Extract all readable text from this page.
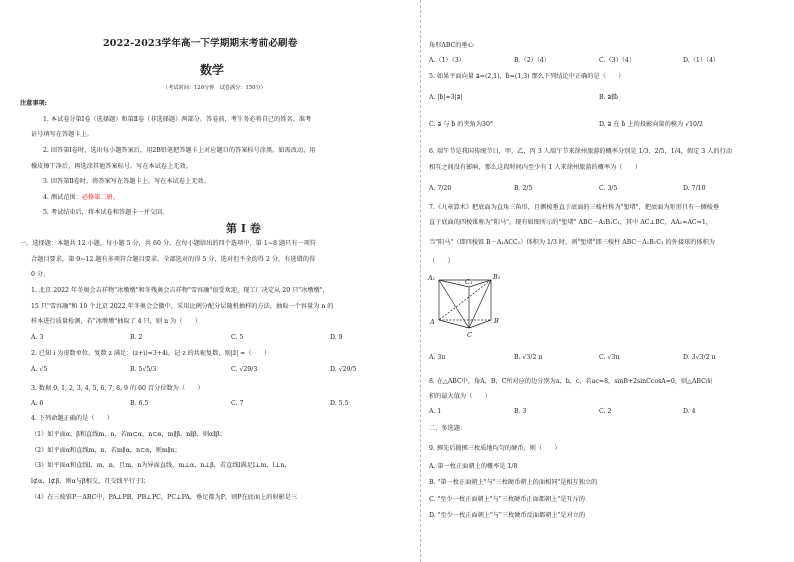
2022-2023学年高一下学期期末考前必刷卷
数学
（考试时间：120分钟　试卷满分：150分）
注意事项:
1. 本试卷分第Ⅰ卷（选择题）和第Ⅱ卷（非选择题）两部分。答卷前，考生务必将自己的姓名、准考
证号填写在答题卡上。
2. 回答第Ⅰ卷时，选出每小题答案后，用2B铅笔把答题卡上对应题目的答案标号涂黑。如需改动，用
橡皮擦干净后，再选涂其他答案标号。写在本试卷上无效。
3. 回答第Ⅱ卷时，将答案写在答题卡上。写在本试卷上无效。
4. 测试范围：必修第二册。
5. 考试结束后，将本试卷和答题卡一并交回。
第 I 卷
一、选择题：本题共 12 小题，每小题 5 分，共 60 分。在每小题给出的四个选项中，第 1~8 题只有一项符
合题目要求，第 9~12 题有多项符合题目要求。全部选对的得 5 分，选对但不全的得 2 分，有选错的得
0 分。
1. 北京 2022 年冬奥会吉祥物"冰墩墩"和冬残奥会吉祥物"雪容融"很受欢迎，现工厂决定从 20 只"冰墩墩"，
15 只"雪容融"和 10 个北京 2022 年冬奥会会徽中，采用比例分配分层随机抽样的方法，抽取一个容量为 n 的
样本进行质量检测，若"冰墩墩"抽取了 4 只，则 n 为（　　）
A. 3	B. 2	C. 5	D. 9
2. 已知 i 为虚数单位，复数 z 满足：(z+i)=3+4i，记 z 的共轭复数，则|z̄| =（　　）
A. √5	B. 5√5/3	C. √29/3	D. √29/5
3. 数据 0, 1, 2, 3, 4, 5, 6, 7, 8, 9 的 60 百分位数为（　　）
A. 6	B. 6.5	C. 7	D. 5.5
4. 下列命题正确的是（　　）
（1）如平面α，β和直线m，n，若m⊂α，n⊂α，m∥β，n∥β，则α∥β；
（2）如平面α和直线m，n，若m∥α，n⊂α，则m∥n；
（3）如平面α和直线l，m，n，且m，n为异面直线，m⊥α，n⊥β，若直线l满足l⊥m，l⊥n，
l⊄α，l⊄β，则α与β相交，且交线平行于l；
（4）在三棱锥P－ABC中，PA⊥PB，PB⊥PC，PC⊥PA，垂足都为P，则P在底面上的射影是三
角形ABC的垂心
A.（1）（3）	B.（2）（4）	C.（3）（4）	D.（1）（4）
5. 如果平面向量 a⃗=(2,1)，b⃗=(1,3) 那么下列结论中正确的是（　　）
A. |b⃗|=3|a⃗|	B. a⃗∥b⃗
C. a⃗ 与 b⃗ 的夹角为30°	D. a⃗ 在 b⃗ 上的投影向量的模为 √10/2
6. 端午节是我国传统节日，甲，乙，丙 3 人端午节来徐州旅游的概率分别是 1/3，2/5，1/4，假定 3 人的行动
相互之间没有影响，那么这段时间内至少有 1 人来徐州旅游的概率为（　　）
A. 7/20	B. 2/5	C. 3/5	D. 7/10
7.《九章算术》把底面为直角三角形，且侧棱垂直于底面的三棱柱称为"堑堵"，把底面为矩形且有一侧棱垂
直于底面的四棱锥称为"阳马"，现有如图所示的"堑堵" ABC－A₁B₁C₁，其中 AC⊥BC，AA₁=AC=1，
当"阳马"（即四棱锥 B－A₁ACC₁）体积为 1/3 时，则"堑堵"即三棱柱 ABC－A₁B₁C₁ 的外接球的体积为
（　　）
A₁	B₁
C₁
A	B
C
A. 3π	B. √3/2 π	C. √3π	D. 3√3/2 π
8. 在△ABC中，角A，B，C所对应的边分别为a，b，c，若ac=8，sinB+2sinCcosA=0，则△ABC面
积的最大值为（　　）
A. 1	B. 3	C. 2	D. 4
二、多选题：
9. 掷先后抛掷三枚质地均匀的硬币，则（　　）
A. 第一枚正面朝上的概率是 1/8
B. "第一枚正面朝上"与"三枚硬币朝上的面相同"是相互独立的
C. "至少一枚正面朝上"与"三枚硬币正面都朝上"是互斥的
D. "至少一枚正面朝上"与"三枚硬币反面都朝上"是对立的
